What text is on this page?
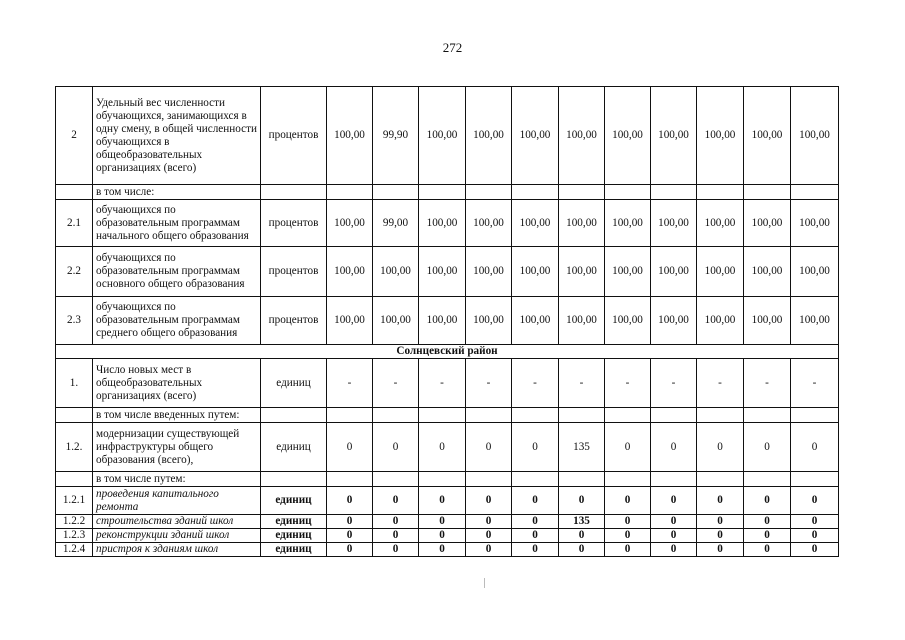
272
2	Удельный вес численности обучающихся, занимающихся в одну смену, в общей численности обучающихся в общеобразовательных организациях (всего)	процентов	100,00	99,90	100,00	100,00	100,00	100,00	100,00	100,00	100,00	100,00	100,00
	в том числе:												
2.1	обучающихся по образовательным программам начального общего образования	процентов	100,00	99,00	100,00	100,00	100,00	100,00	100,00	100,00	100,00	100,00	100,00
2.2	обучающихся по образовательным программам основного общего образования	процентов	100,00	100,00	100,00	100,00	100,00	100,00	100,00	100,00	100,00	100,00	100,00
2.3	обучающихся по образовательным программам среднего общего образования	процентов	100,00	100,00	100,00	100,00	100,00	100,00	100,00	100,00	100,00	100,00	100,00
Солнцевский район													
1.	Число новых мест в общеобразовательных организациях (всего)	единиц	-	-	-	-	-	-	-	-	-	-	-
	в том числе введенных путем:												
1.2.	модернизации существующей инфраструктуры общего образования (всего),	единиц	0	0	0	0	0	135	0	0	0	0	0
	в том числе путем:												
1.2.1	проведения капитального ремонта	единиц	0	0	0	0	0	0	0	0	0	0	0
1.2.2	строительства зданий школ	единиц	0	0	0	0	0	135	0	0	0	0	0
1.2.3	реконструкции зданий школ	единиц	0	0	0	0	0	0	0	0	0	0	0
1.2.4	пристроя к зданиям школ	единиц	0	0	0	0	0	0	0	0	0	0	0
